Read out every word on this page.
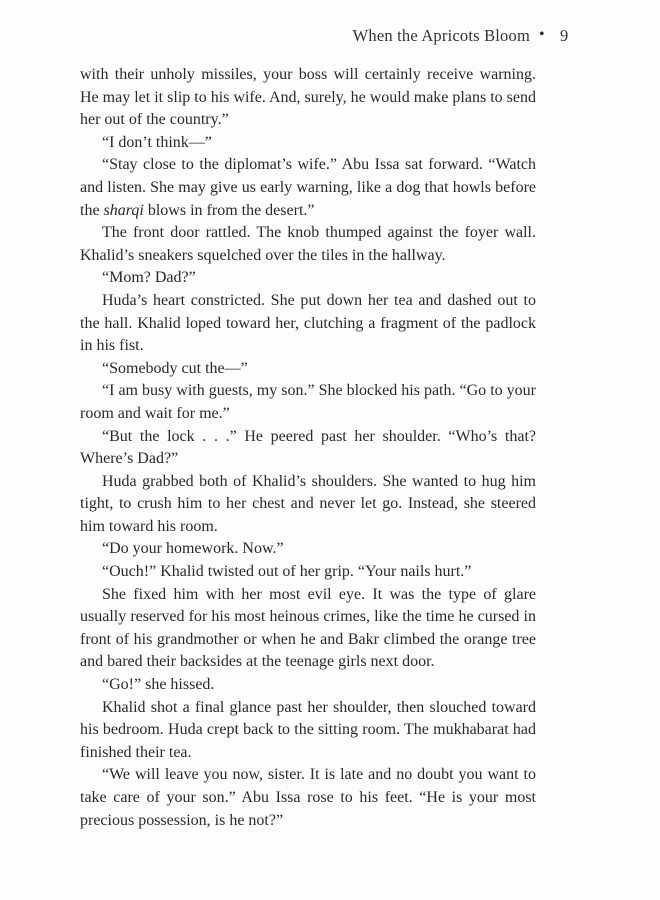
When the Apricots Bloom • 9

with their unholy missiles, your boss will certainly receive warning. He may let it slip to his wife. And, surely, he would make plans to send her out of the country.”

“I don’t think—”

“Stay close to the diplomat’s wife.” Abu Issa sat forward. “Watch and listen. She may give us early warning, like a dog that howls before the sharqi blows in from the desert.”

The front door rattled. The knob thumped against the foyer wall. Khalid’s sneakers squelched over the tiles in the hallway.

“Mom? Dad?”

Huda’s heart constricted. She put down her tea and dashed out to the hall. Khalid loped toward her, clutching a fragment of the padlock in his fist.

“Somebody cut the—”

“I am busy with guests, my son.” She blocked his path. “Go to your room and wait for me.”

“But the lock . . .” He peered past her shoulder. “Who’s that? Where’s Dad?”

Huda grabbed both of Khalid’s shoulders. She wanted to hug him tight, to crush him to her chest and never let go. Instead, she steered him toward his room.

“Do your homework. Now.”

“Ouch!” Khalid twisted out of her grip. “Your nails hurt.”

She fixed him with her most evil eye. It was the type of glare usually reserved for his most heinous crimes, like the time he cursed in front of his grandmother or when he and Bakr climbed the orange tree and bared their backsides at the teenage girls next door.

“Go!” she hissed.

Khalid shot a final glance past her shoulder, then slouched toward his bedroom. Huda crept back to the sitting room. The mukhabarat had finished their tea.

“We will leave you now, sister. It is late and no doubt you want to take care of your son.” Abu Issa rose to his feet. “He is your most precious possession, is he not?”
